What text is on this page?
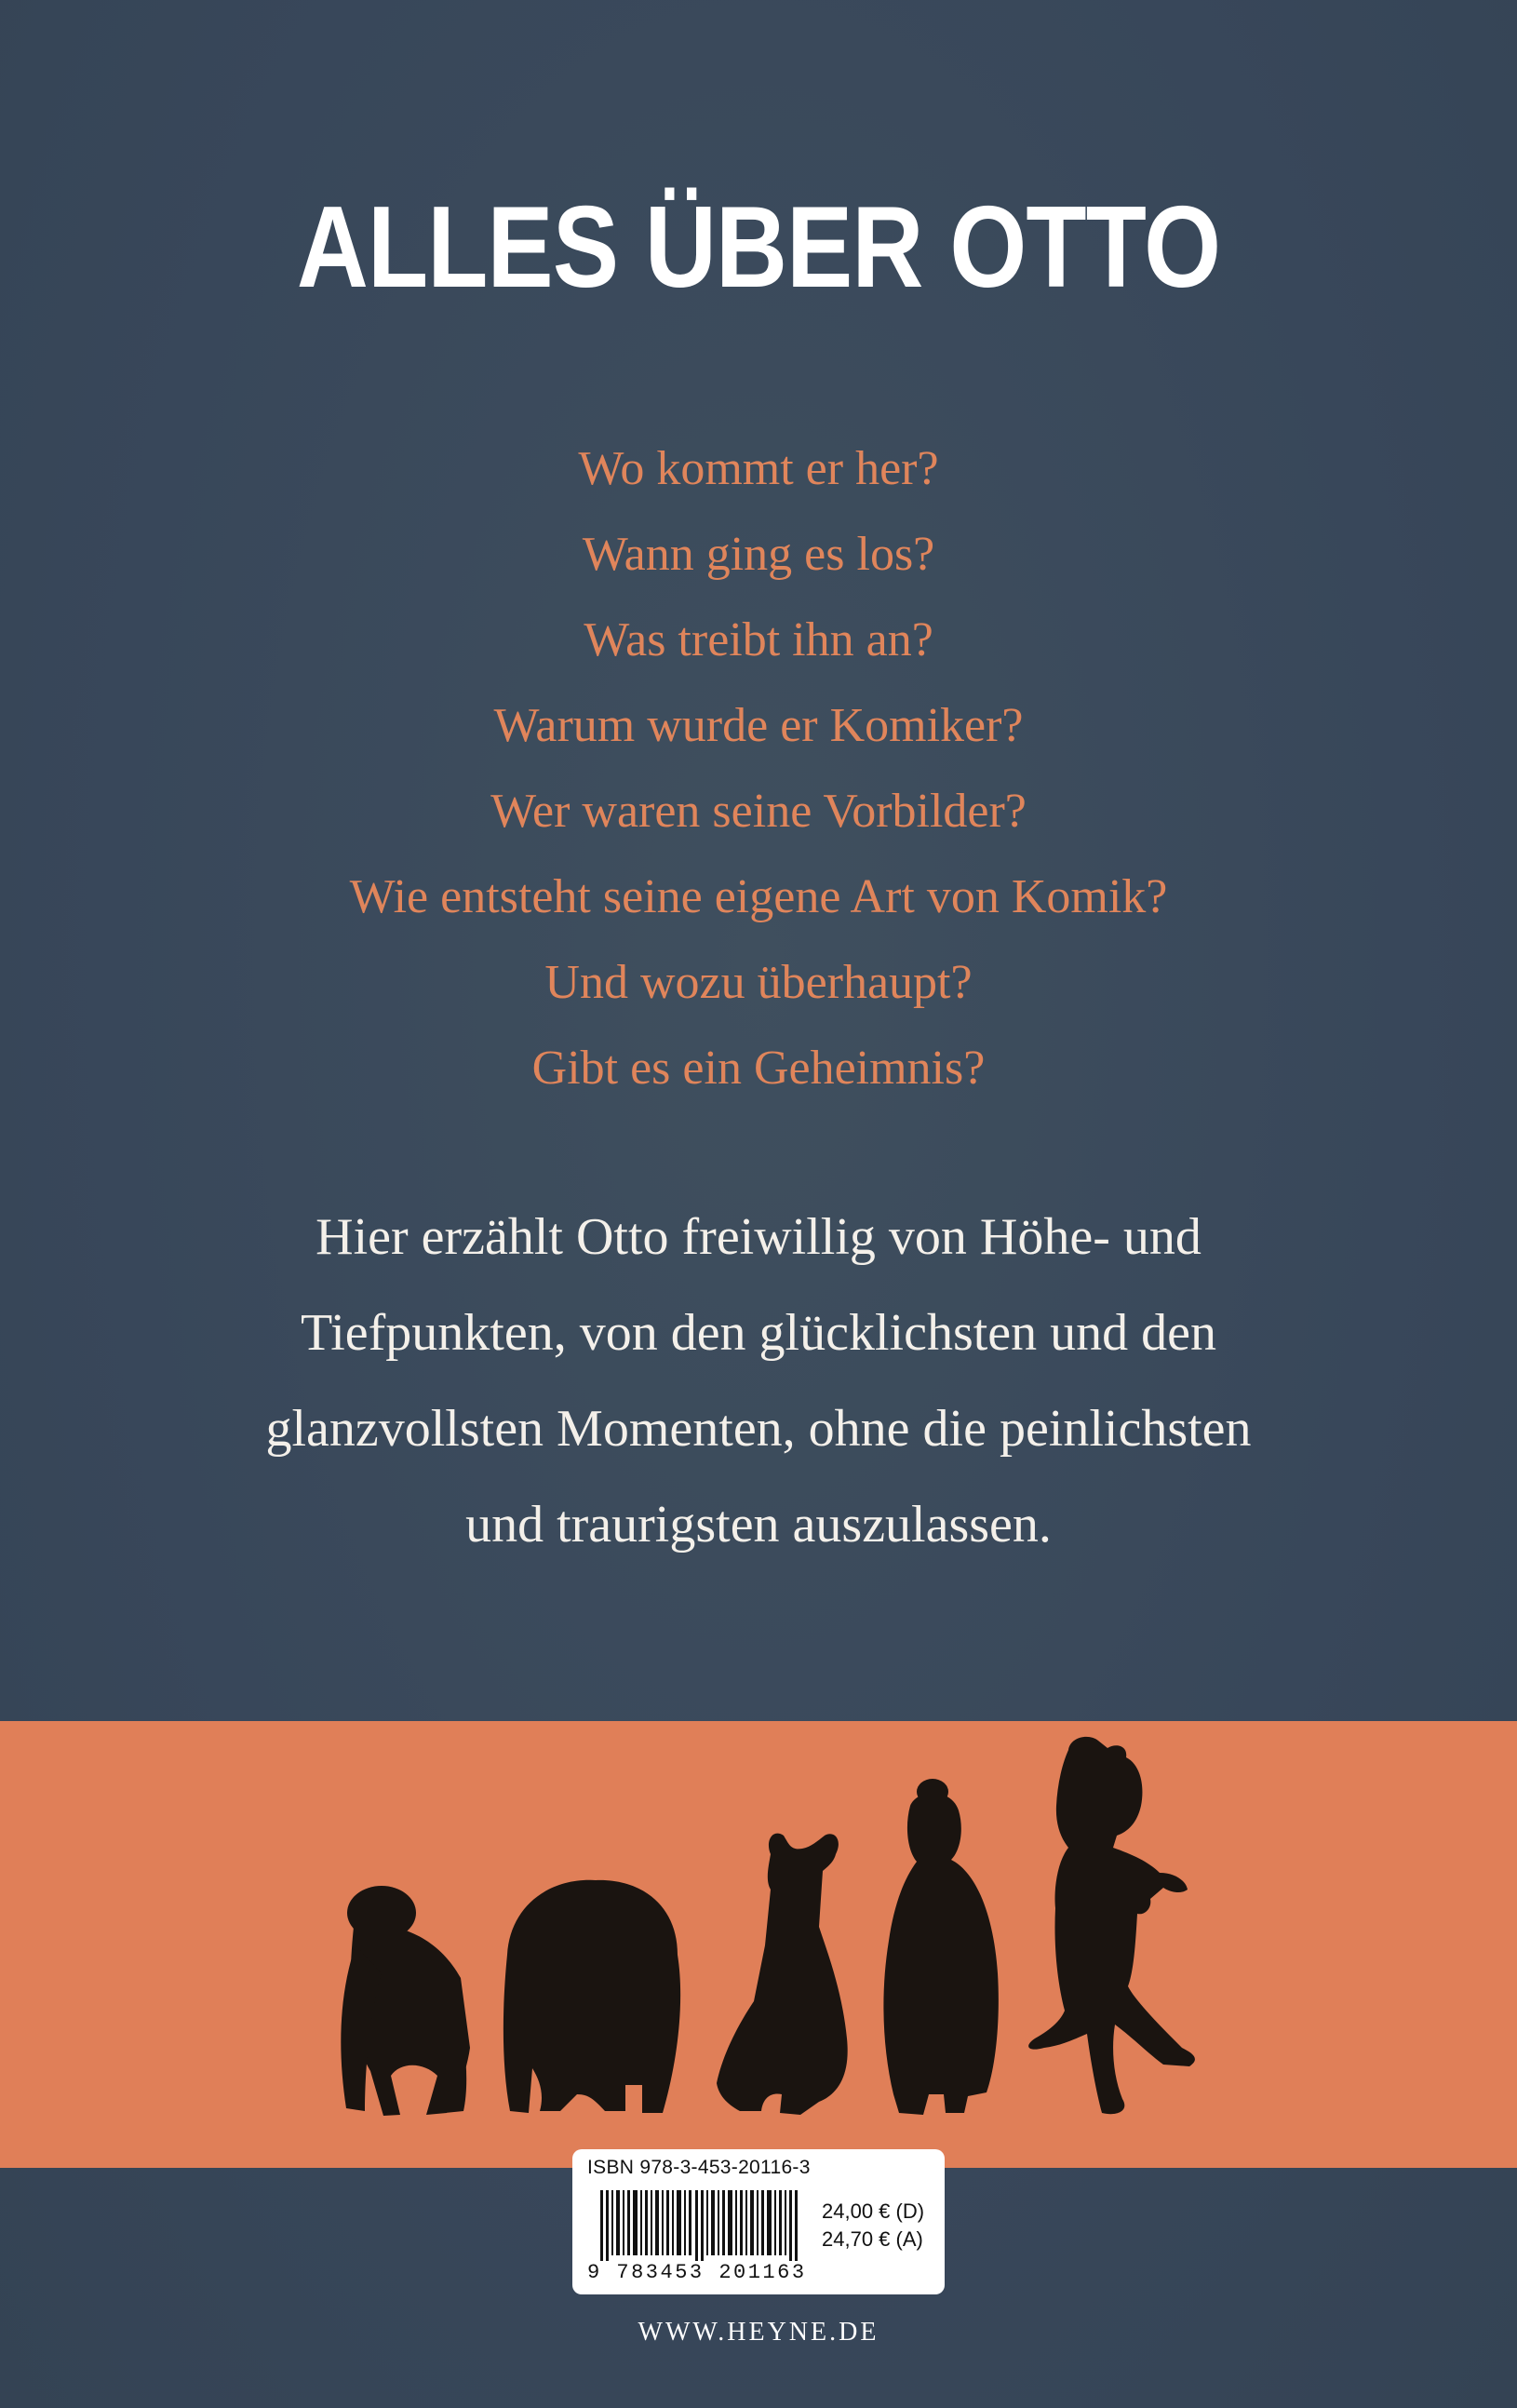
ALLES ÜBER OTTO
Wo kommt er her?
Wann ging es los?
Was treibt ihn an?
Warum wurde er Komiker?
Wer waren seine Vorbilder?
Wie entsteht seine eigene Art von Komik?
Und wozu überhaupt?
Gibt es ein Geheimnis?
Hier erzählt Otto freiwillig von Höhe- und
Tiefpunkten, von den glücklichsten und den
glanzvollsten Momenten, ohne die peinlichsten
und traurigsten auszulassen.
ISBN 978-3-453-20116-3
9 783453 201163
24,00 € (D)
24,70 € (A)
WWW.HEYNE.DE
